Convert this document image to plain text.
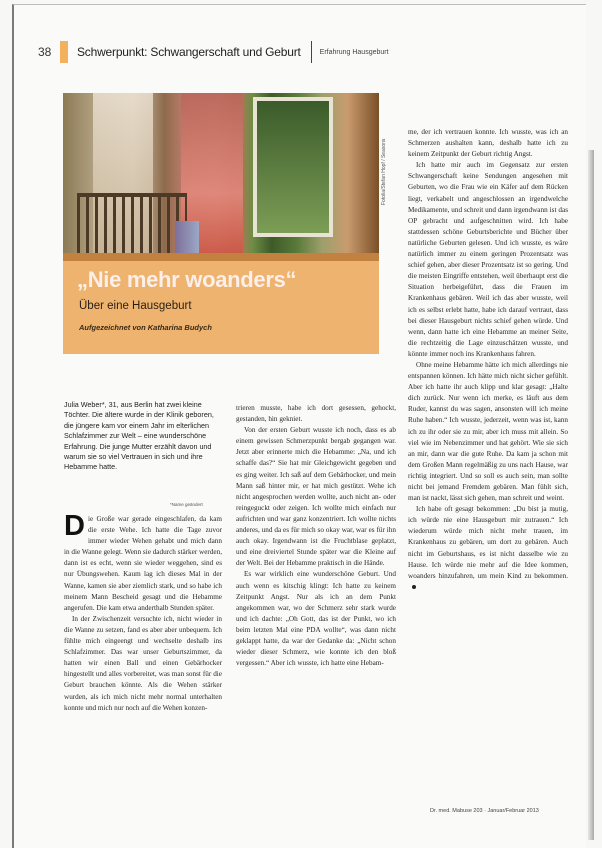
38	Schwerpunkt: Schwangerschaft und Geburt	Erfahrung Hausgeburt
Fotolia/Stefan Hopf / Seasons
„Nie mehr woanders“
Über eine Hausgeburt
Aufgezeichnet von Katharina Budych
Julia Weber*, 31, aus Berlin hat zwei kleine Töchter. Die ältere wurde in der Klinik geboren, die jüngere kam vor einem Jahr im elterlichen Schlafzimmer zur Welt – eine wunderschöne Erfahrung. Die junge Mutter erzählt davon und warum sie so viel Vertrauen in sich und ihre Hebamme hatte.
*Name geändert

Die Große war gerade eingeschlafen, da kam die erste Wehe. Ich hatte die Tage zuvor immer wieder Wehen gehabt und mich dann in die Wanne gelegt. Wenn sie dadurch stärker werden, dann ist es echt, wenn sie wieder weggehen, sind es nur Übungswehen. Kaum lag ich dieses Mal in der Wanne, kamen sie aber ziemlich stark, und so habe ich meinem Mann Bescheid gesagt und die Hebamme angerufen. Die kam etwa anderthalb Stunden später.

In der Zwischenzeit versuchte ich, nicht wieder in die Wanne zu setzen, fand es aber aber unbequem. Ich fühlte mich eingeengt und wechselte deshalb ins Schlafzimmer. Das war unser Geburtszimmer, da hatten wir einen Ball und einen Gebärhocker hingestellt und alles vorbereitet, was man sonst für die Geburt brauchen könnte. Als die Wehen stärker wurden, als ich mich nicht mehr normal unterhalten konnte und mich nur noch auf die Wehen konzen-

trieren musste, habe ich dort gesessen, gehockt, gestanden, hin gekniet.

Von der ersten Geburt wusste ich noch, dass es ab einem gewissen Schmerzpunkt bergab gegangen war. Jetzt aber erinnerte mich die Hebamme: „Na, und ich schaffe das?“ Sie hat mir Gleichgewicht gegeben und es ging weiter. Ich saß auf dem Gebärhocker, und mein Mann saß hinter mir, er hat mich gestützt. Wehe ich nicht angesprochen werden wollte, auch nicht an- oder reingeguckt oder zeigen. Ich wollte mich einfach nur aufrichten und war ganz konzentriert. Ich wollte nichts anderes, und da es für mich so okay war, war es für ihn auch okay. Irgendwann ist die Fruchtblase geplatzt, und eine dreiviertel Stunde später war die Kleine auf der Welt. Bei der Hebamme praktisch in die Hände.

Es war wirklich eine wunderschöne Geburt. Und auch wenn es kitschig klingt: Ich hatte zu keinem Zeitpunkt Angst. Nur als ich an dem Punkt angekommen war, wo der Schmerz sehr stark wurde und ich dachte: „Oh Gott, das ist der Punkt, wo ich beim letzten Mal eine PDA wollte“, was dann nicht geklappt hatte, da war der Gedanke da: „Nicht schon wieder dieser Schmerz, wie konnte ich den bloß vergessen.“ Aber ich wusste, ich hatte eine Hebam-

me, der ich vertrauen konnte. Ich wusste, was ich an Schmerzen aushalten kann, deshalb hatte ich zu keinem Zeitpunkt der Geburt richtig Angst.

Ich hatte mir auch im Gegensatz zur ersten Schwangerschaft keine Sendungen angesehen mit Geburten, wo die Frau wie ein Käfer auf dem Rücken liegt, verkabelt und angeschlossen an irgendwelche Medikamente, und schreit und dann irgendwann ist das OP gebracht und aufgeschnitten wird. Ich habe stattdessen schöne Geburtsberichte und Bücher über natürliche Geburten gelesen. Und ich wusste, es wäre natürlich immer zu einem geringen Prozentsatz was schief gehen, aber dieser Prozentsatz ist so gering. Und die meisten Eingriffe entstehen, weil überhaupt erst die Situation herbeigeführt, dass die Frauen im Krankenhaus gebären. Weil ich das aber wusste, weil ich es selbst erlebt hatte, habe ich darauf vertraut, dass bei dieser Hausgeburt nichts schief gehen würde. Und wenn, dann hatte ich eine Hebamme an meiner Seite, die rechtzeitig die Lage einzuschätzen wusste, und könnte immer noch ins Krankenhaus fahren.

Ohne meine Hebamme hätte ich mich allerdings nie entspannen können. Ich hätte mich nicht sicher gefühlt. Aber ich hatte ihr auch klipp und klar gesagt: „Halte dich zurück. Nur wenn ich merke, es läuft aus dem Ruder, kannst du was sagen, ansonsten will ich meine Ruhe haben.“ Ich wusste, jederzeit, wenn was ist, kann ich zu ihr oder sie zu mir, aber ich muss mit allein. So viel wie im Nebenzimmer und hat gehört. Wie sie sich an mir, dann war die gute Ruhe. Da kam ja schon mit dem Großen Mann regelmäßig zu uns nach Hause, war richtig integriert. Und so soll es auch sein, man sollte nicht bei jemand Fremdem gebären. Man fühlt sich, man ist nackt, lässt sich gehen, man schreit und weint.

Ich habe oft gesagt bekommen: „Du bist ja mutig, ich würde nie eine Hausgeburt mir zutrauen.“ Ich wiederum würde mich nicht mehr trauen, im Krankenhaus zu gebären, um dort zu gebären. Auch nicht im Geburtshaus, es ist nicht dasselbe wie zu Hause. Ich würde nie mehr auf die Idee kommen, woanders hinzufahren, um mein Kind zu bekommen.

Dr. med. Mabuse 203 · Januar/Februar 2013
